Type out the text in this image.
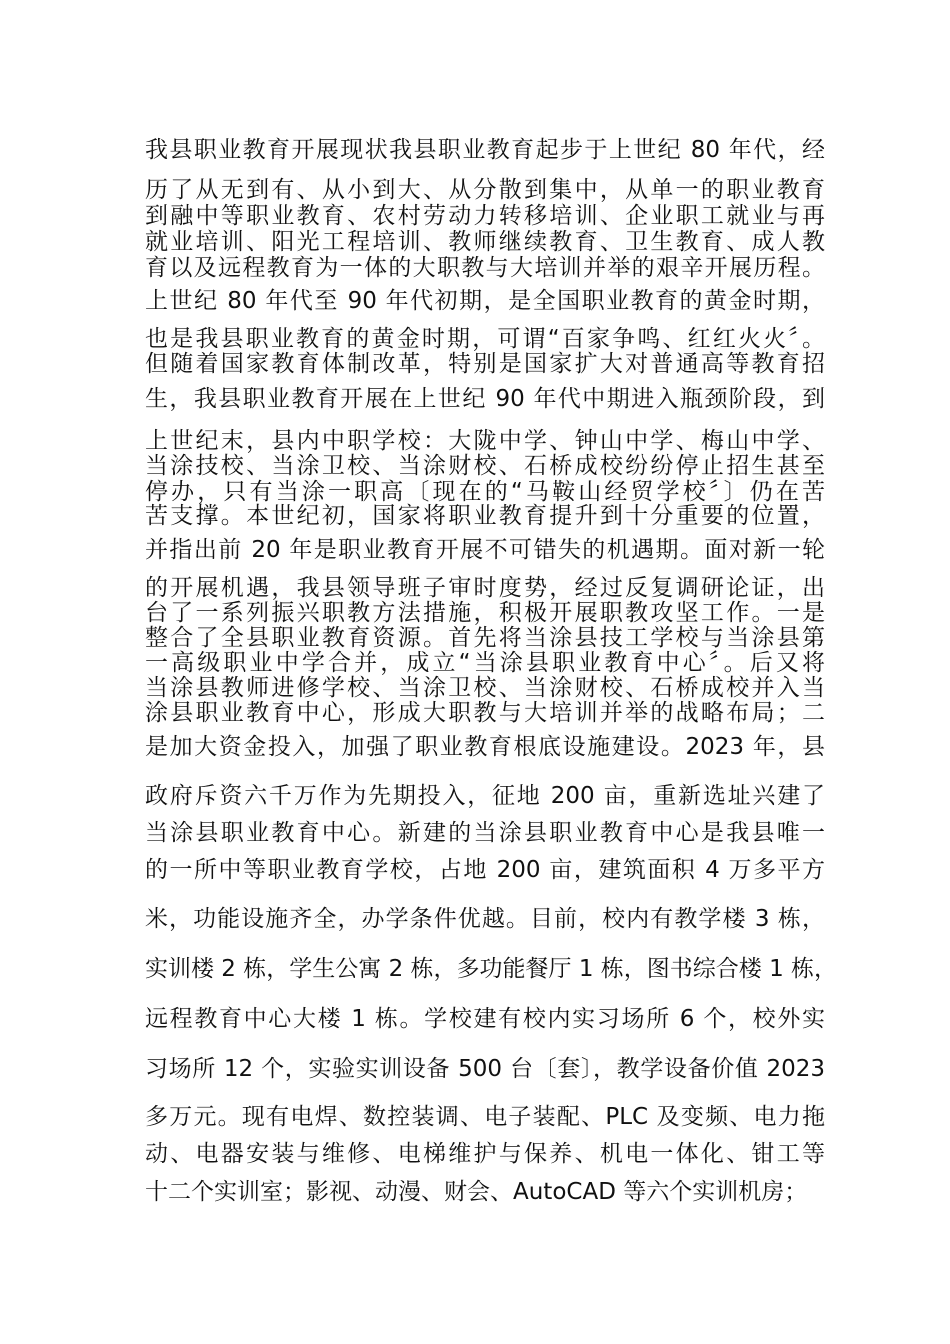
我县职业教育开展现状我县职业教育起步于上世纪 80 年代，经
历了从无到有、从小到大、从分散到集中，从单一的职业教育
到融中等职业教育、农村劳动力转移培训、企业职工就业与再
就业培训、阳光工程培训、教师继续教育、卫生教育、成人教
育以及远程教育为一体的大职教与大培训并举的艰辛开展历程。
上世纪 80 年代至 90 年代初期，是全国职业教育的黄金时期，
也是我县职业教育的黄金时期，可谓“百家争鸣、红红火火〞。
但随着国家教育体制改革，特别是国家扩大对普通高等教育招
生，我县职业教育开展在上世纪 90 年代中期进入瓶颈阶段，到
上世纪末，县内中职学校：大陇中学、钟山中学、梅山中学、
当涂技校、当涂卫校、当涂财校、石桥成校纷纷停止招生甚至
停办，只有当涂一职高〔现在的“马鞍山经贸学校〞〕仍在苦
苦支撑。本世纪初，国家将职业教育提升到十分重要的位置，
并指出前 20 年是职业教育开展不可错失的机遇期。面对新一轮
的开展机遇，我县领导班子审时度势，经过反复调研论证，出
台了一系列振兴职教方法措施，积极开展职教攻坚工作。一是
整合了全县职业教育资源。首先将当涂县技工学校与当涂县第
一高级职业中学合并，成立“当涂县职业教育中心〞。后又将
当涂县教师进修学校、当涂卫校、当涂财校、石桥成校并入当
涂县职业教育中心，形成大职教与大培训并举的战略布局；二
是加大资金投入，加强了职业教育根底设施建设。2023 年，县
政府斥资六千万作为先期投入，征地 200 亩，重新选址兴建了
当涂县职业教育中心。新建的当涂县职业教育中心是我县唯一
的一所中等职业教育学校，占地 200 亩，建筑面积 4 万多平方
米，功能设施齐全，办学条件优越。目前，校内有教学楼 3 栋，
实训楼 2 栋，学生公寓 2 栋，多功能餐厅 1 栋，图书综合楼 1 栋，
远程教育中心大楼 1 栋。学校建有校内实习场所 6 个，校外实
习场所 12 个，实验实训设备 500 台〔套〕，教学设备价值 2023
多万元。现有电焊、数控装调、电子装配、PLC 及变频、电力拖
动、电器安装与维修、电梯维护与保养、机电一体化、钳工等
十二个实训室；影视、动漫、财会、AutoCAD 等六个实训机房；
